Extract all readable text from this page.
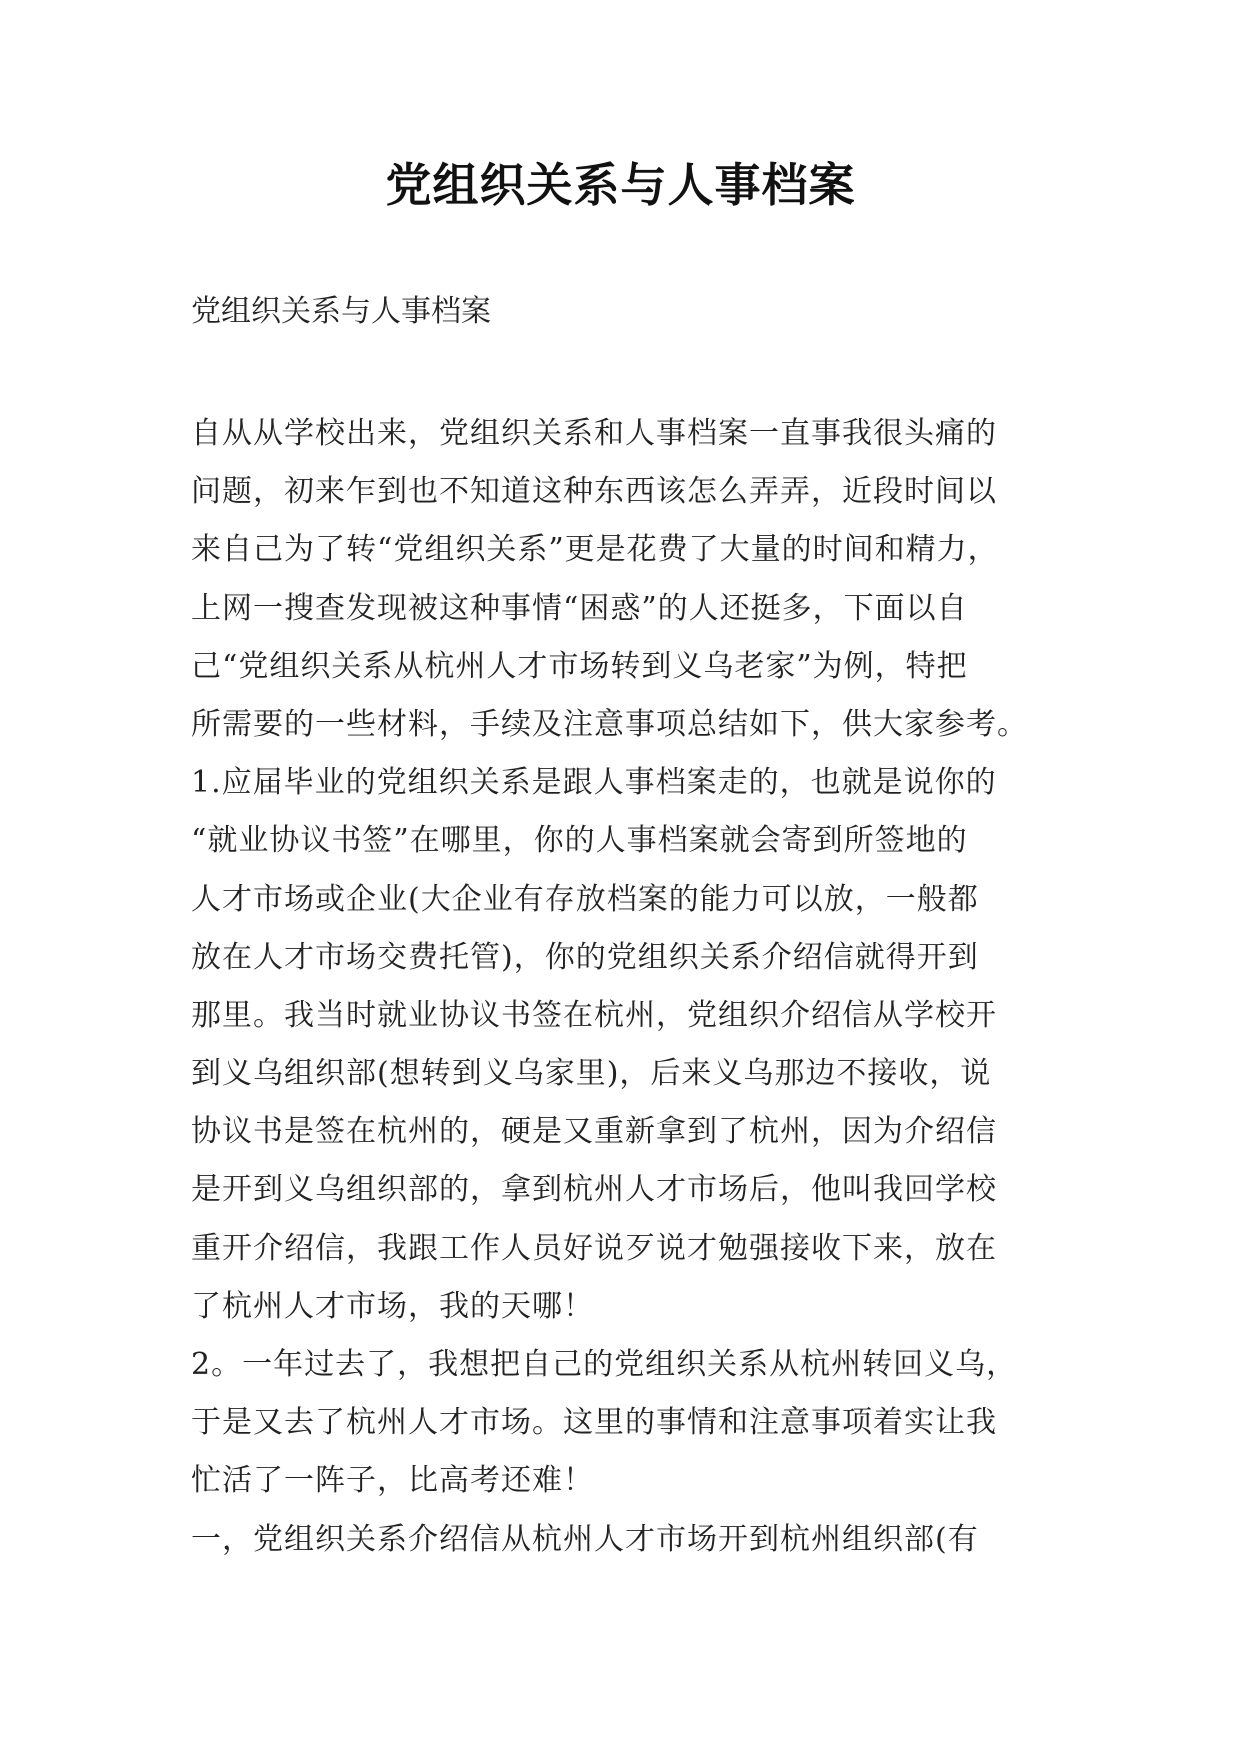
党组织关系与人事档案

党组织关系与人事档案

自从从学校出来，党组织关系和人事档案一直事我很头痛的
问题，初来乍到也不知道这种东西该怎么弄弄，近段时间以
来自己为了转“党组织关系”更是花费了大量的时间和精力，
上网一搜查发现被这种事情“困惑”的人还挺多，下面以自
己“党组织关系从杭州人才市场转到义乌老家”为例，特把
所需要的一些材料，手续及注意事项总结如下，供大家参考。
1.应届毕业的党组织关系是跟人事档案走的，也就是说你的
“就业协议书签”在哪里，你的人事档案就会寄到所签地的
人才市场或企业(大企业有存放档案的能力可以放，一般都
放在人才市场交费托管)，你的党组织关系介绍信就得开到
那里。我当时就业协议书签在杭州，党组织介绍信从学校开
到义乌组织部(想转到义乌家里)，后来义乌那边不接收，说
协议书是签在杭州的，硬是又重新拿到了杭州，因为介绍信
是开到义乌组织部的，拿到杭州人才市场后，他叫我回学校
重开介绍信，我跟工作人员好说歹说才勉强接收下来，放在
了杭州人才市场，我的天哪！
2。一年过去了，我想把自己的党组织关系从杭州转回义乌，
于是又去了杭州人才市场。这里的事情和注意事项着实让我
忙活了一阵子，比高考还难！
一，党组织关系介绍信从杭州人才市场开到杭州组织部(有
